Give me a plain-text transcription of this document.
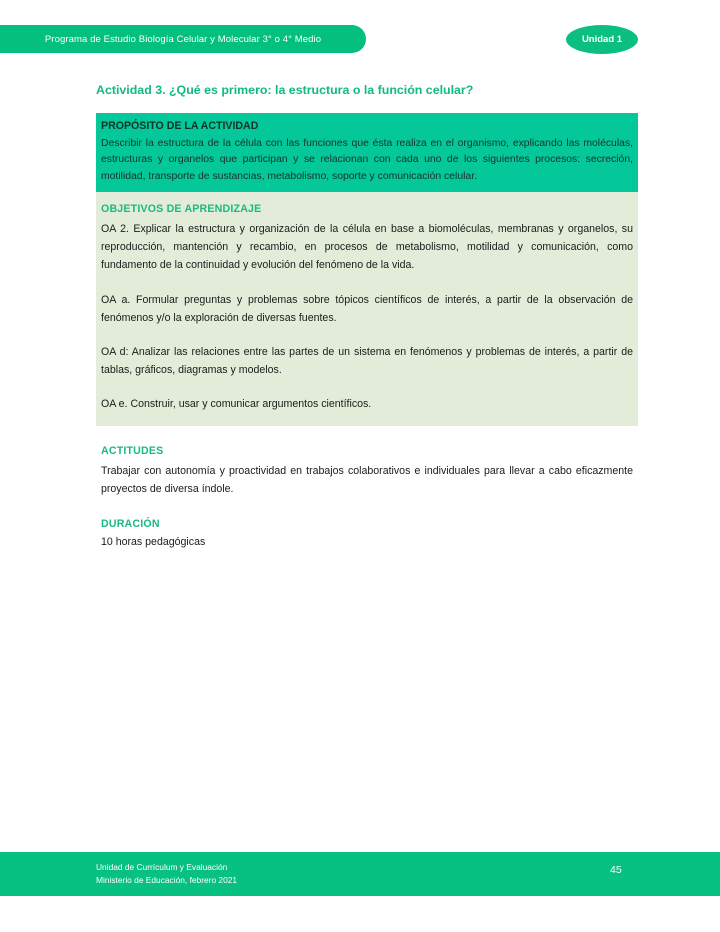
Programa de Estudio Biología Celular y Molecular 3° o 4° Medio	Unidad 1
Actividad 3. ¿Qué es primero: la estructura o la función celular?
PROPÓSITO DE LA ACTIVIDAD
Describir la estructura de la célula con las funciones que ésta realiza en el organismo, explicando las moléculas, estructuras y organelos que participan y se relacionan con cada uno de los siguientes procesos: secreción, motilidad, transporte de sustancias, metabolismo, soporte y comunicación celular.
OBJETIVOS DE APRENDIZAJE

OA 2. Explicar la estructura y organización de la célula en base a biomoléculas, membranas y organelos, su reproducción, mantención y recambio, en procesos de metabolismo, motilidad y comunicación, como fundamento de la continuidad y evolución del fenómeno de la vida.

OA a. Formular preguntas y problemas sobre tópicos científicos de interés, a partir de la observación de fenómenos y/o la exploración de diversas fuentes.

OA d: Analizar las relaciones entre las partes de un sistema en fenómenos y problemas de interés, a partir de tablas, gráficos, diagramas y modelos.

OA e. Construir, usar y comunicar argumentos científicos.

ACTITUDES

Trabajar con autonomía y proactividad en trabajos colaborativos e individuales para llevar a cabo eficazmente proyectos de diversa índole.

DURACIÓN
10 horas pedagógicas
Unidad de Currículum y Evaluación
Ministerio de Educación, febrero 2021
45
